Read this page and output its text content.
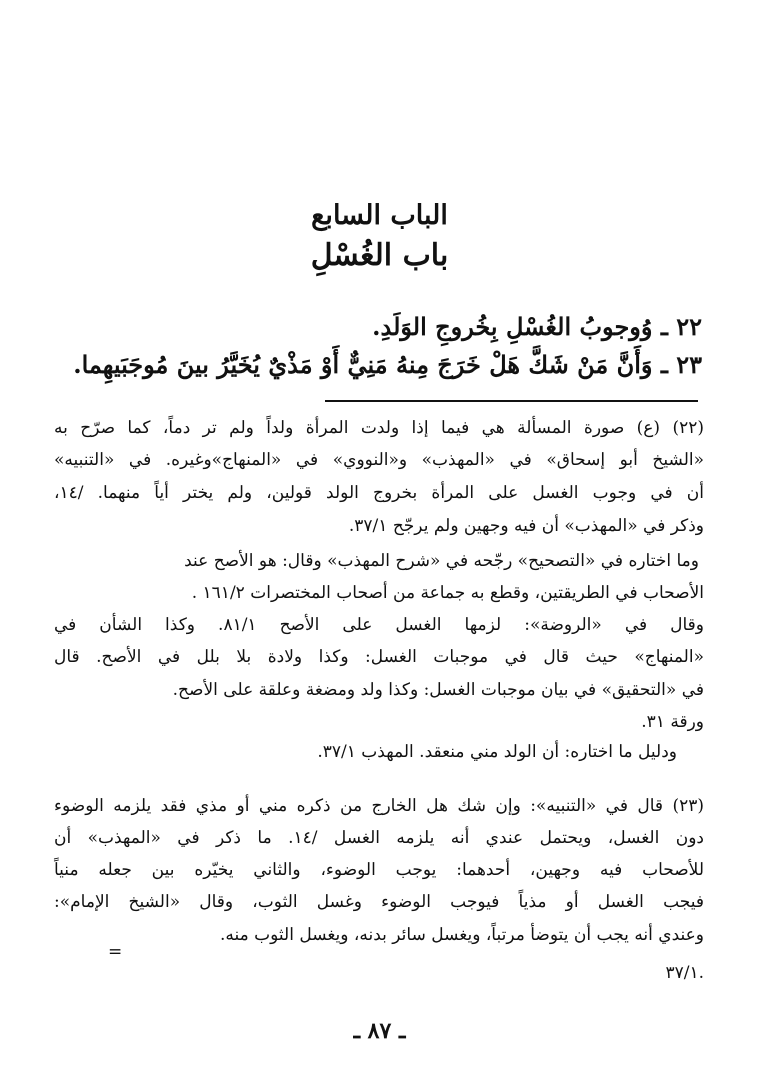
الباب السابع
باب الغُسْلِ
٢٢ ـ وُوجوبُ الغُسْلِ بِخُروجِ الوَلَدِ.
٢٣ ـ وَأَنَّ مَنْ شَكَّ هَلْ خَرَجَ مِنهُ مَنِيٌّ أَوْ مَذْيٌ يُخَيَّرُ بينَ مُوجَبَيهِما.
(٢٢) (ع) صورة المسألة هي فيما إذا ولدت المرأة ولداً ولم تر دماً، كما صرّح به
«الشيخ أبو إسحاق» في «المهذب» و«النووي» في «المنهاج»وغيره. في «التنبيه»
أن في وجوب الغسل على المرأة بخروج الولد قولين، ولم يختر أياً منهما. /١٤،
وذكر في «المهذب» أن فيه وجهين ولم يرجّح ٣٧/١.
وما اختاره في «التصحيح» رجّحه في «شرح المهذب» وقال: هو الأصح عند
الأصحاب في الطريقتين، وقطع به جماعة من أصحاب المختصرات ١٦١/٢ .
وقال في «الروضة»: لزمها الغسل على الأصح ٨١/١. وكذا الشأن في
«المنهاج» حيث قال في موجبات الغسل: وكذا ولادة بلا بلل في الأصح. قال
في «التحقيق» في بيان موجبات الغسل: وكذا ولد ومضغة وعلقة على الأصح.
ورقة ٣١.
ودليل ما اختاره: أن الولد مني منعقد. المهذب ٣٧/١.
(٢٣) قال في «التنبيه»: وإن شك هل الخارج من ذكره مني أو مذي فقد يلزمه الوضوء
دون الغسل، ويحتمل عندي أنه يلزمه الغسل /١٤. ما ذكر في «المهذب» أن
للأصحاب فيه وجهين، أحدهما: يوجب الوضوء، والثاني يخيّره بين جعله منياً
فيجب الغسل أو مذياً فيوجب الوضوء وغسل الثوب، وقال «الشيخ الإمام»:
وعندي أنه يجب أن يتوضأ مرتباً، ويغسل سائر بدنه، ويغسل الثوب منه.
٣٧/١.
=
ـ ٨٧ ـ
